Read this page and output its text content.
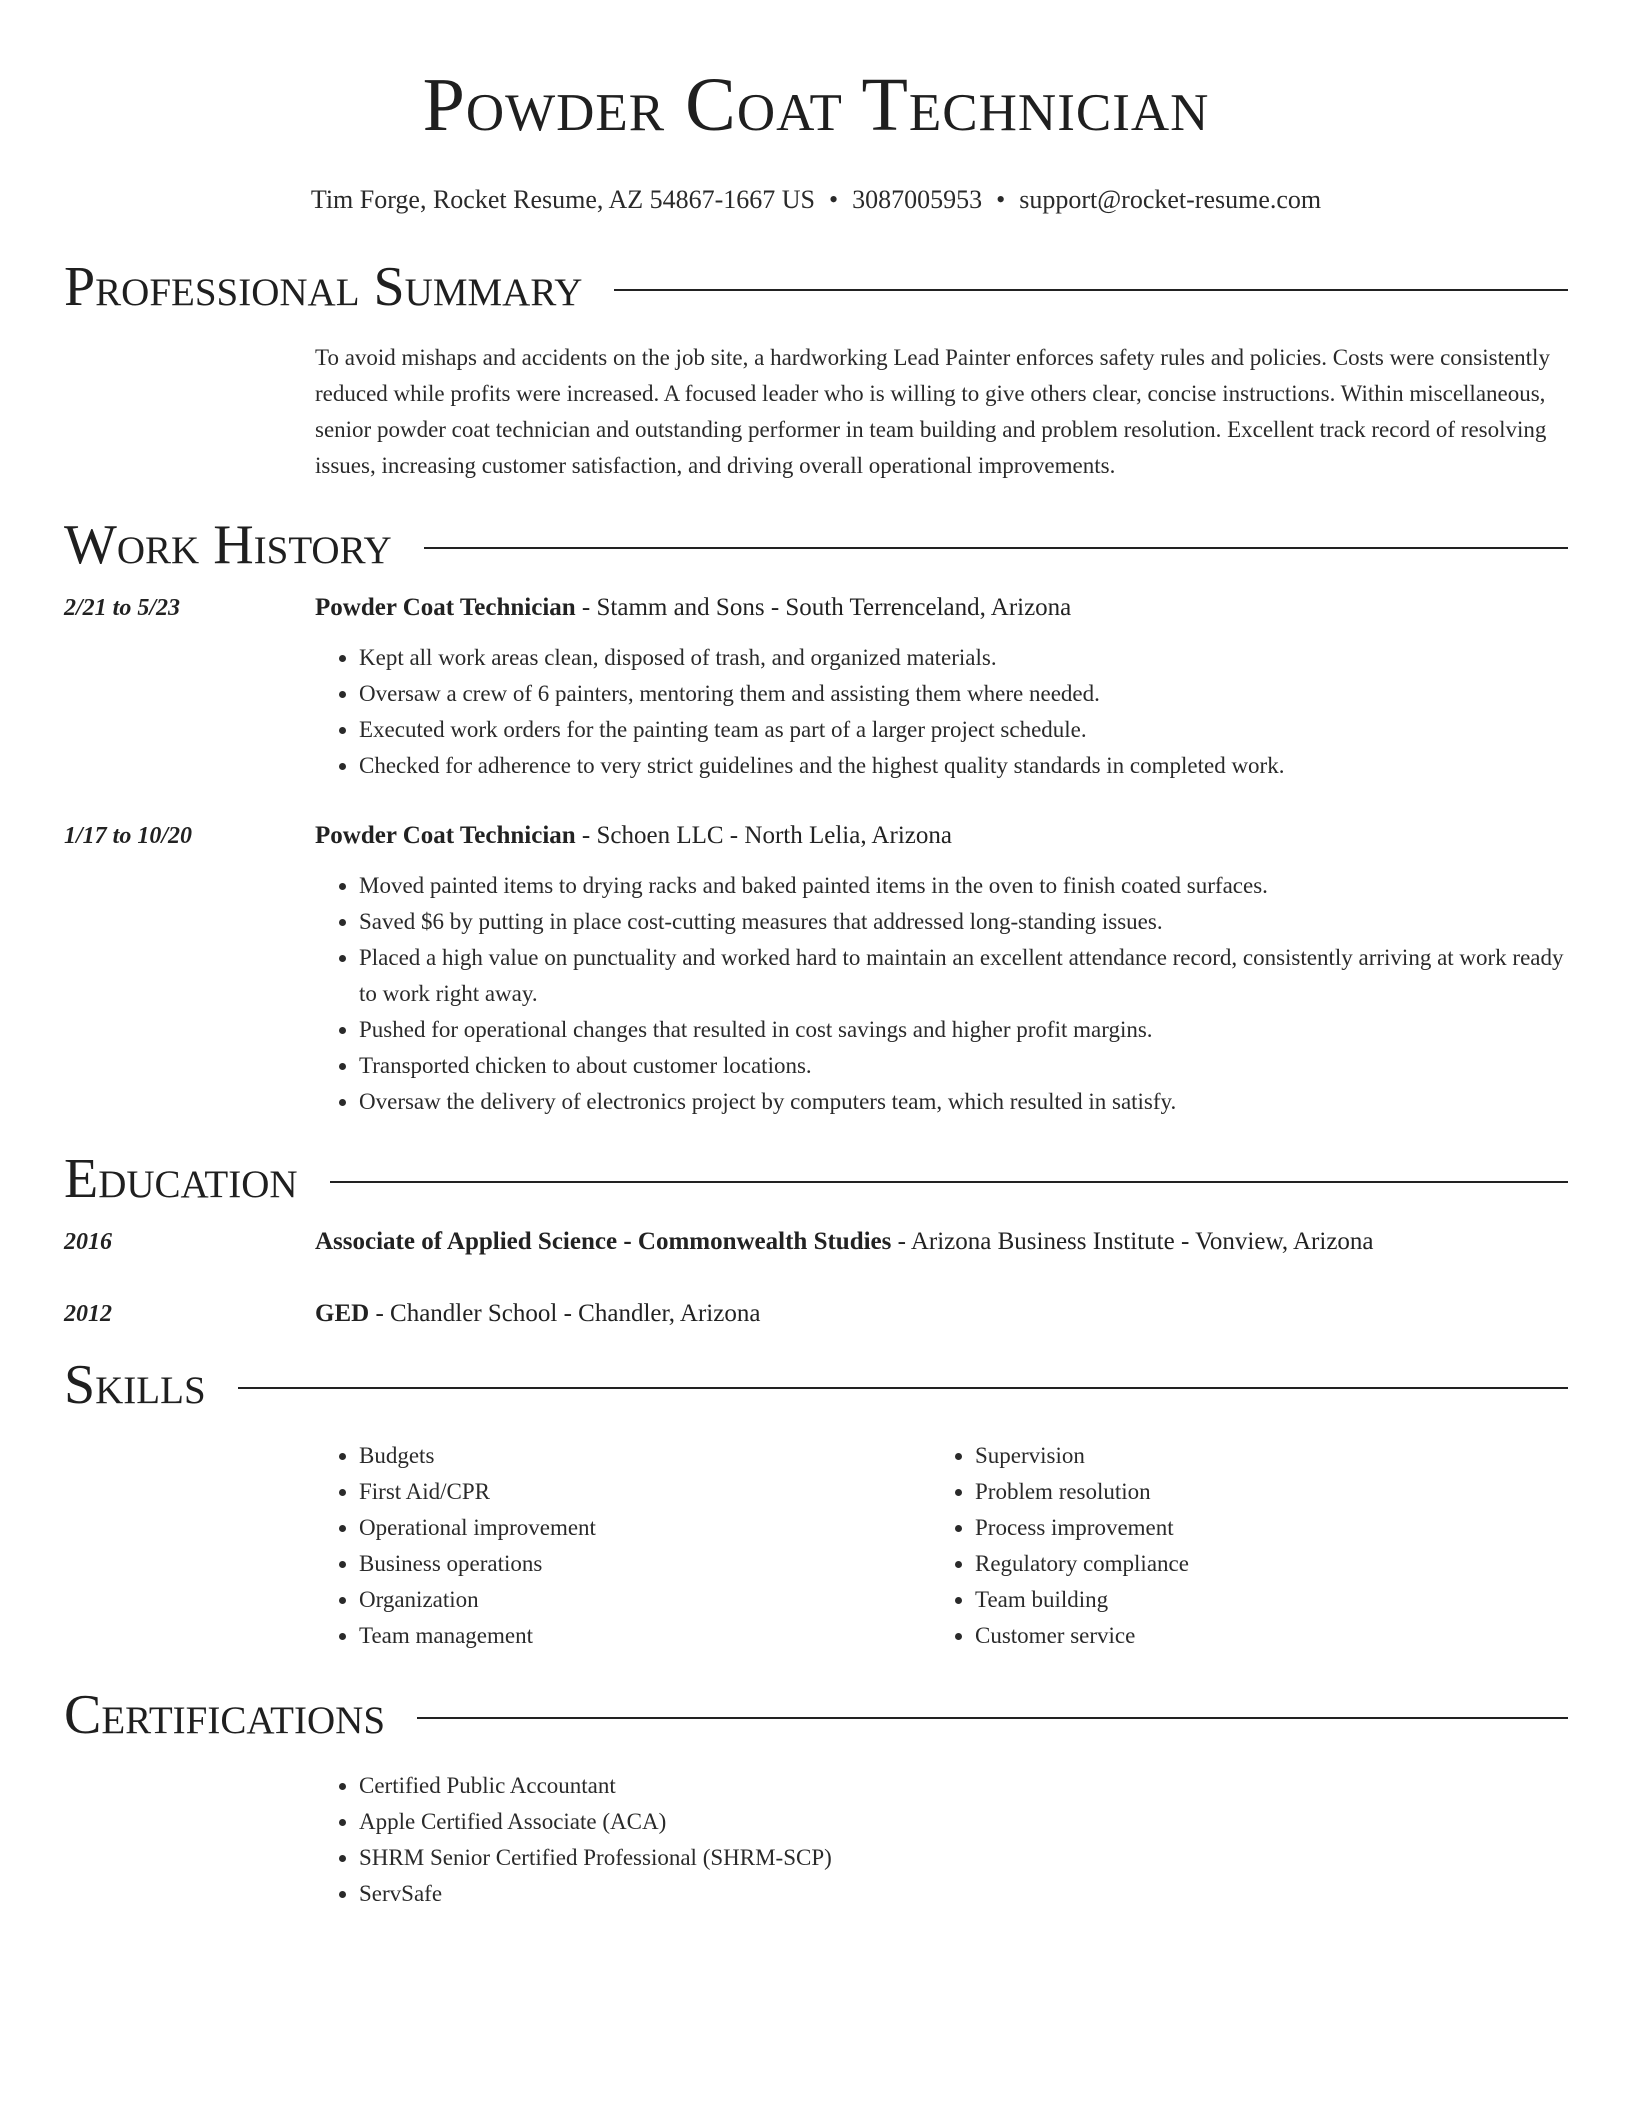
Powder Coat Technician
Tim Forge, Rocket Resume, AZ 54867-1667 US • 3087005953 • support@rocket-resume.com
Professional Summary
To avoid mishaps and accidents on the job site, a hardworking Lead Painter enforces safety rules and policies. Costs were consistently reduced while profits were increased. A focused leader who is willing to give others clear, concise instructions. Within miscellaneous, senior powder coat technician and outstanding performer in team building and problem resolution. Excellent track record of resolving issues, increasing customer satisfaction, and driving overall operational improvements.
Work History
2/21 to 5/23	Powder Coat Technician - Stamm and Sons - South Terrenceland, Arizona
• Kept all work areas clean, disposed of trash, and organized materials.
• Oversaw a crew of 6 painters, mentoring them and assisting them where needed.
• Executed work orders for the painting team as part of a larger project schedule.
• Checked for adherence to very strict guidelines and the highest quality standards in completed work.
1/17 to 10/20	Powder Coat Technician - Schoen LLC - North Lelia, Arizona
• Moved painted items to drying racks and baked painted items in the oven to finish coated surfaces.
• Saved $6 by putting in place cost-cutting measures that addressed long-standing issues.
• Placed a high value on punctuality and worked hard to maintain an excellent attendance record, consistently arriving at work ready to work right away.
• Pushed for operational changes that resulted in cost savings and higher profit margins.
• Transported chicken to about customer locations.
• Oversaw the delivery of electronics project by computers team, which resulted in satisfy.
Education
2016	Associate of Applied Science - Commonwealth Studies - Arizona Business Institute - Vonview, Arizona
2012	GED - Chandler School - Chandler, Arizona
Skills
• Budgets
• First Aid/CPR
• Operational improvement
• Business operations
• Organization
• Team management
• Supervision
• Problem resolution
• Process improvement
• Regulatory compliance
• Team building
• Customer service
Certifications
• Certified Public Accountant
• Apple Certified Associate (ACA)
• SHRM Senior Certified Professional (SHRM-SCP)
• ServSafe
